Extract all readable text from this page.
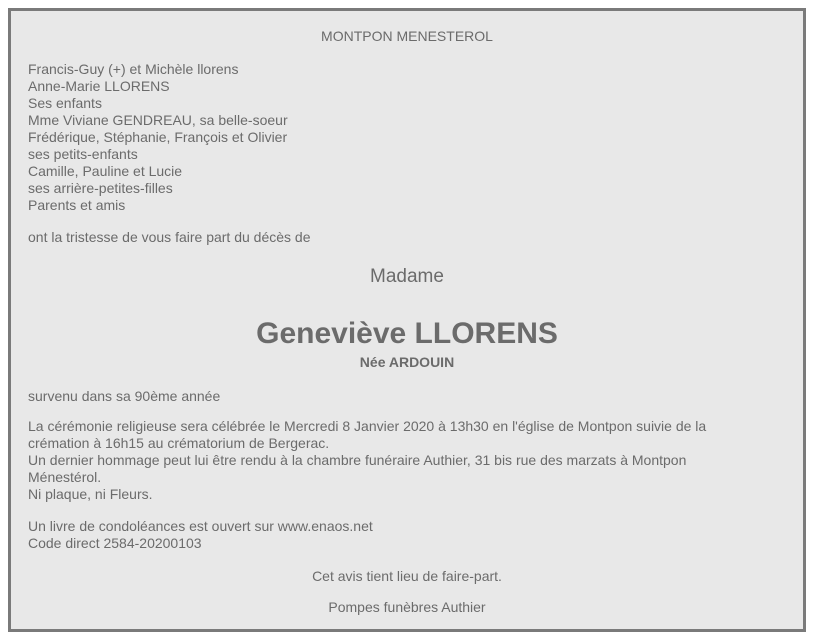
MONTPON MENESTEROL
Francis-Guy (+) et Michèle llorens
Anne-Marie LLORENS
Ses enfants
Mme Viviane GENDREAU, sa belle-soeur
Frédérique, Stéphanie, François et Olivier
ses petits-enfants
Camille, Pauline et Lucie
ses arrière-petites-filles
Parents et amis
ont la tristesse de vous faire part du décès de
Madame
Geneviève LLORENS
Née ARDOUIN
survenu dans sa 90ème année
La cérémonie religieuse sera célébrée le Mercredi 8 Janvier 2020 à 13h30 en l'église de Montpon suivie de la
crémation à 16h15 au crématorium de Bergerac.
Un dernier hommage peut lui être rendu à la chambre funéraire Authier, 31 bis rue des marzats à Montpon
Ménestérol.
Ni plaque, ni Fleurs.
Un livre de condoléances est ouvert sur www.enaos.net
Code direct 2584-20200103
Cet avis tient lieu de faire-part.
Pompes funèbres Authier
